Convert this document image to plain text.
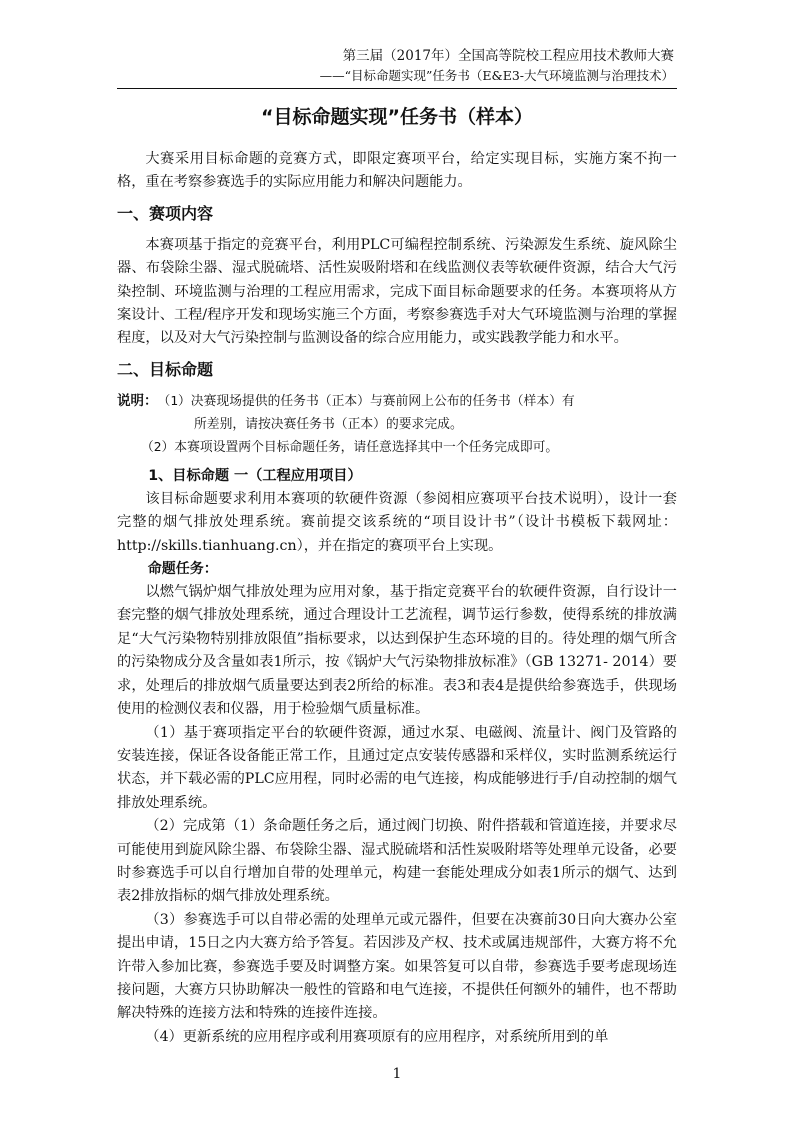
第三届（2017年）全国高等院校工程应用技术教师大赛
——“目标命题实现”任务书（E&E3-大气环境监测与治理技术）
“目标命题实现”任务书（样本）

大赛采用目标命题的竞赛方式，即限定赛项平台，给定实现目标，实施方案不拘一格，重在考察参赛选手的实际应用能力和解决问题能力。

一、赛项内容

本赛项基于指定的竞赛平台，利用PLC可编程控制系统、污染源发生系统、旋风除尘器、布袋除尘器、湿式脱硫塔、活性炭吸附塔和在线监测仪表等软硬件资源，结合大气污染控制、环境监测与治理的工程应用需求，完成下面目标命题要求的任务。本赛项将从方案设计、工程/程序开发和现场实施三个方面，考察参赛选手对大气环境监测与治理的掌握程度，以及对大气污染控制与监测设备的综合应用能力，或实践教学能力和水平。

二、目标命题
说明： （1）决赛现场提供的任务书（正本）与赛前网上公布的任务书（样本）有
所差别，请按决赛任务书（正本）的要求完成。
（2）本赛项设置两个目标命题任务，请任意选择其中一个任务完成即可。
1、目标命题 一（工程应用项目）

该目标命题要求利用本赛项的软硬件资源（参阅相应赛项平台技术说明），设计一套完整的烟气排放处理系统。赛前提交该系统的“项目设计书”（设计书模板下载网址：http://skills.tianhuang.cn），并在指定的赛项平台上实现。

命题任务：

以燃气锅炉烟气排放处理为应用对象，基于指定竞赛平台的软硬件资源，自行设计一套完整的烟气排放处理系统，通过合理设计工艺流程，调节运行参数，使得系统的排放满足“大气污染物特别排放限值”指标要求，以达到保护生态环境的目的。待处理的烟气所含的污染物成分及含量如表1所示，按《锅炉大气污染物排放标准》（GB 13271- 2014）要求，处理后的排放烟气质量要达到表2所给的标准。表3和表4是提供给参赛选手，供现场使用的检测仪表和仪器，用于检验烟气质量标准。

（1）基于赛项指定平台的软硬件资源，通过水泵、电磁阀、流量计、阀门及管路的安装连接，保证各设备能正常工作，且通过定点安装传感器和采样仪，实时监测系统运行状态，并下载必需的PLC应用程，同时必需的电气连接，构成能够进行手/自动控制的烟气排放处理系统。

（2）完成第（1）条命题任务之后，通过阀门切换、附件搭载和管道连接，并要求尽可能使用到旋风除尘器、布袋除尘器、湿式脱硫塔和活性炭吸附塔等处理单元设备，必要时参赛选手可以自行增加自带的处理单元，构建一套能处理成分如表1所示的烟气、达到表2排放指标的烟气排放处理系统。

（3）参赛选手可以自带必需的处理单元或元器件，但要在决赛前30日向大赛办公室提出申请，15日之内大赛方给予答复。若因涉及产权、技术或属违规部件，大赛方将不允许带入参加比赛，参赛选手要及时调整方案。如果答复可以自带，参赛选手要考虑现场连接问题，大赛方只协助解决一般性的管路和电气连接，不提供任何额外的辅件，也不帮助解决特殊的连接方法和特殊的连接件连接。

（4）更新系统的应用程序或利用赛项原有的应用程序，对系统所用到的单

1
